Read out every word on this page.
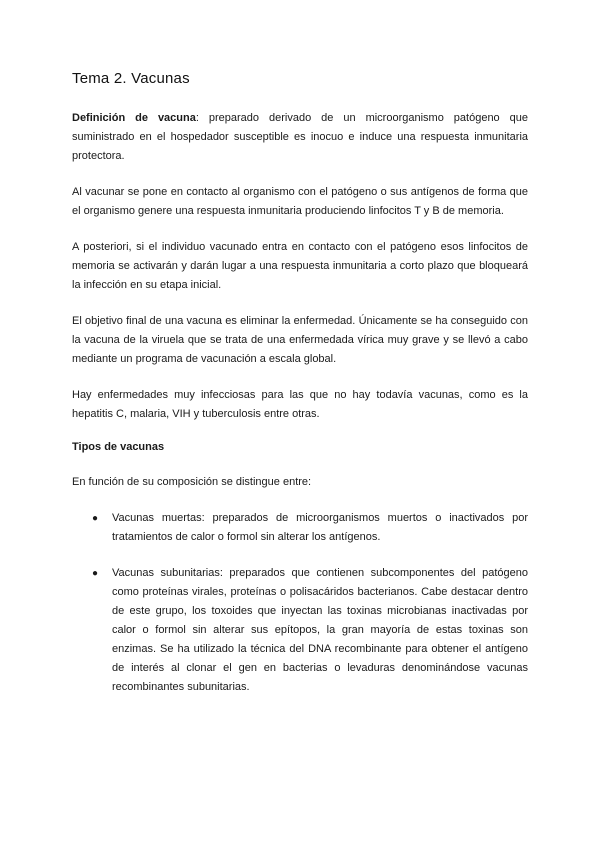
Tema 2. Vacunas

Definición de vacuna: preparado derivado de un microorganismo patógeno que suministrado en el hospedador susceptible es inocuo e induce una respuesta inmunitaria protectora.

Al vacunar se pone en contacto al organismo con el patógeno o sus antígenos de forma que el organismo genere una respuesta inmunitaria produciendo linfocitos T y B de memoria.

A posteriori, si el individuo vacunado entra en contacto con el patógeno esos linfocitos de memoria se activarán y darán lugar a una respuesta inmunitaria a corto plazo que bloqueará la infección en su etapa inicial.

El objetivo final de una vacuna es eliminar la enfermedad. Únicamente se ha conseguido con la vacuna de la viruela que se trata de una enfermedada vírica muy grave y se llevó a cabo mediante un programa de vacunación a escala global.

Hay enfermedades muy infecciosas para las que no hay todavía vacunas, como es la hepatitis C, malaria, VIH y tuberculosis entre otras.

Tipos de vacunas

En función de su composición se distingue entre:

● Vacunas muertas: preparados de microorganismos muertos o inactivados por tratamientos de calor o formol sin alterar los antígenos.
● Vacunas subunitarias: preparados que contienen subcomponentes del patógeno como proteínas virales, proteínas o polisacáridos bacterianos. Cabe destacar dentro de este grupo, los toxoides que inyectan las toxinas microbianas inactivadas por calor o formol sin alterar sus epítopos, la gran mayoría de estas toxinas son enzimas. Se ha utilizado la técnica del DNA recombinante para obtener el antígeno de interés al clonar el gen en bacterias o levaduras denominándose vacunas recombinantes subunitarias.
